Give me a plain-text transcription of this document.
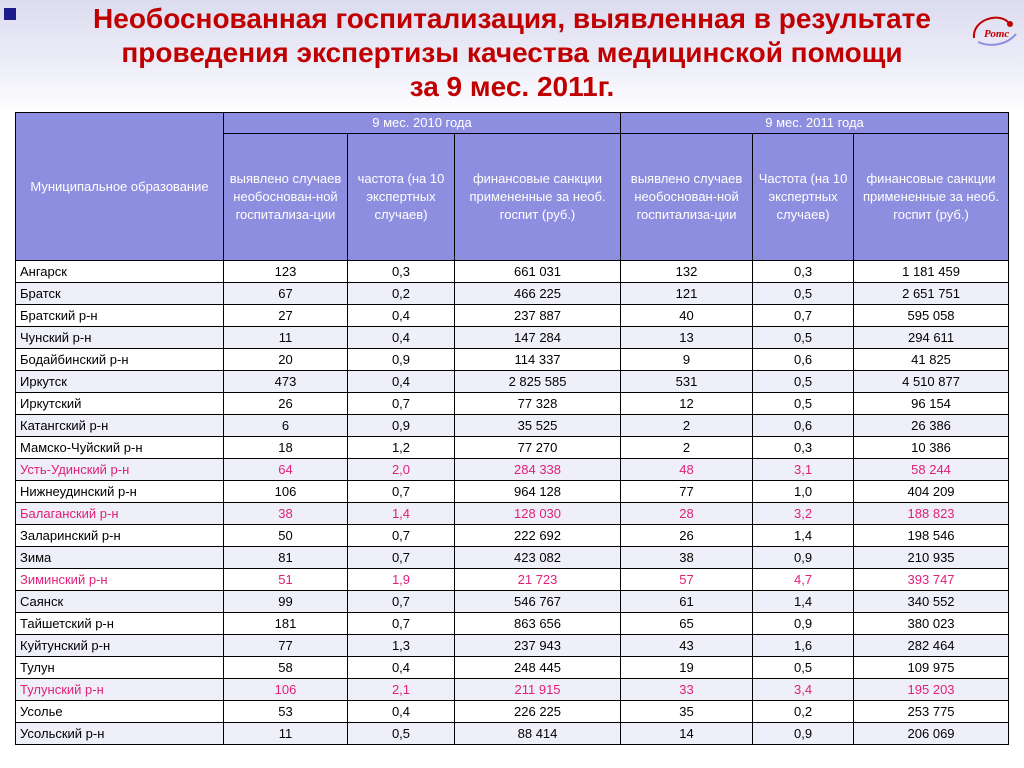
Необоснованная госпитализация, выявленная в результате
проведения экспертизы качества медицинской помощи
за 9 мес. 2011г.
Роmс
Муниципальное образование	9 мес. 2010 года			9 мес. 2011 года		
	выявлено случаев необоснован-ной госпитализа-ции	частота (на 10 экспертных случаев)	финансовые санкции примененные за необ. госпит (руб.)	выявлено случаев необоснован-ной госпитализа-ции	Частота (на 10 экспертных случаев)	финансовые санкции примененные за необ. госпит (руб.)
Ангарск	123	0,3	661 031	132	0,3	1 181 459
Братск	67	0,2	466 225	121	0,5	2 651 751
Братский р-н	27	0,4	237 887	40	0,7	595 058
Чунский р-н	11	0,4	147 284	13	0,5	294 611
Бодайбинский р-н	20	0,9	114 337	9	0,6	41 825
Иркутск	473	0,4	2 825 585	531	0,5	4 510 877
Иркутский	26	0,7	77 328	12	0,5	96 154
Катангский р-н	6	0,9	35 525	2	0,6	26 386
Мамско-Чуйский р-н	18	1,2	77 270	2	0,3	10 386
Усть-Удинский р-н	64	2,0	284 338	48	3,1	58 244
Нижнеудинский р-н	106	0,7	964 128	77	1,0	404 209
Балаганский р-н	38	1,4	128 030	28	3,2	188 823
Заларинский р-н	50	0,7	222 692	26	1,4	198 546
Зима	81	0,7	423 082	38	0,9	210 935
Зиминский р-н	51	1,9	21 723	57	4,7	393 747
Саянск	99	0,7	546 767	61	1,4	340 552
Тайшетский р-н	181	0,7	863 656	65	0,9	380 023
Куйтунский р-н	77	1,3	237 943	43	1,6	282 464
Тулун	58	0,4	248 445	19	0,5	109 975
Тулунский р-н	106	2,1	211 915	33	3,4	195 203
Усолье	53	0,4	226 225	35	0,2	253 775
Усольский р-н	11	0,5	88 414	14	0,9	206 069
